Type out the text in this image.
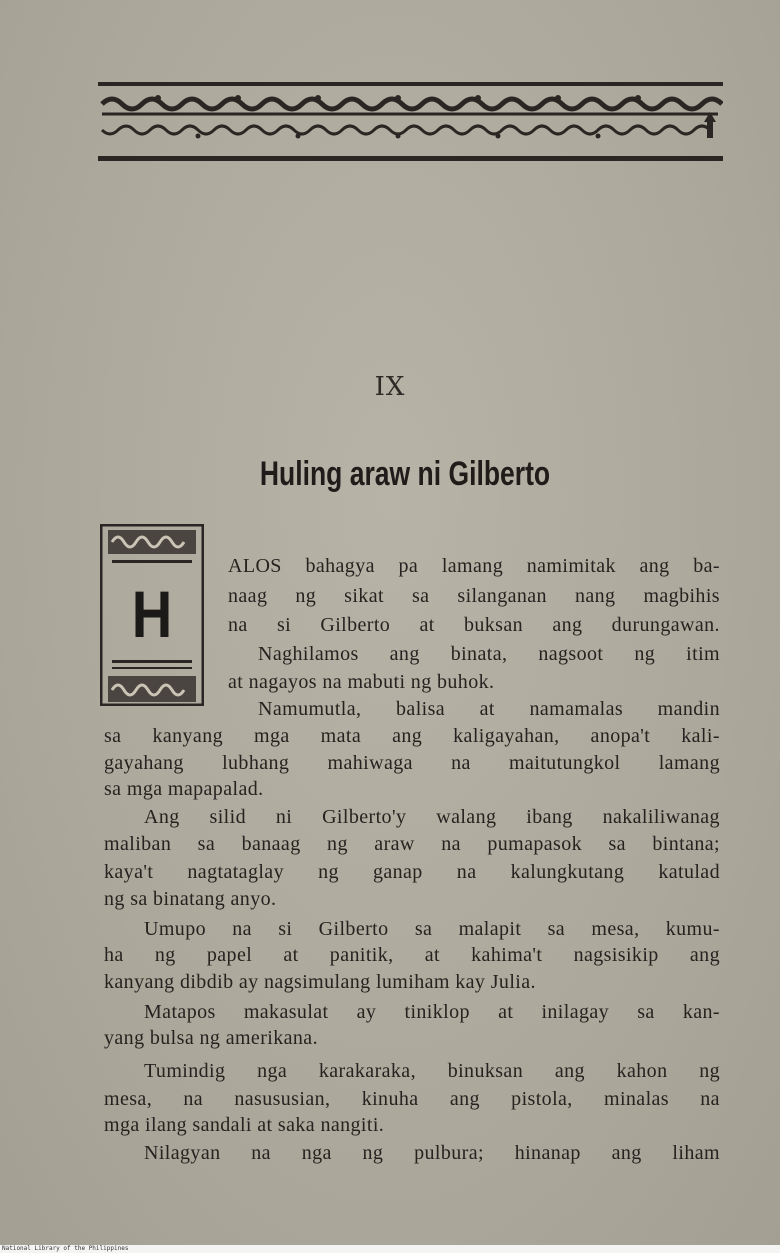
IX
Huling araw ni Gilberto
H
ALOS bahagya pa lamang namimitak ang ba-
naag ng sikat sa silanganan nang magbihis
na si Gilberto at buksan ang durungawan.
Naghilamos ang binata, nagsoot ng itim
at nagayos na mabuti ng buhok.
Namumutla, balisa at namamalas mandin
sa kanyang mga mata ang kaligayahan, anopa't kali-
gayahang lubhang mahiwaga na maitutungkol lamang
sa mga mapapalad.
Ang silid ni Gilberto'y walang ibang nakaliliwanag
maliban sa banaag ng araw na pumapasok sa bintana;
kaya't nagtataglay ng ganap na kalungkutang katulad
ng sa binatang anyo.
Umupo na si Gilberto sa malapit sa mesa, kumu-
ha ng papel at panitik, at kahima't nagsisikip ang
kanyang dibdib ay nagsimulang lumiham kay Julia.
Matapos makasulat ay tiniklop at inilagay sa kan-
yang bulsa ng amerikana.
Tumindig nga karakaraka, binuksan ang kahon ng
mesa, na nasususian, kinuha ang pistola, minalas na
mga ilang sandali at saka nangiti.
Nilagyan na nga ng pulbura; hinanap ang liham
National Library of the Philippines
